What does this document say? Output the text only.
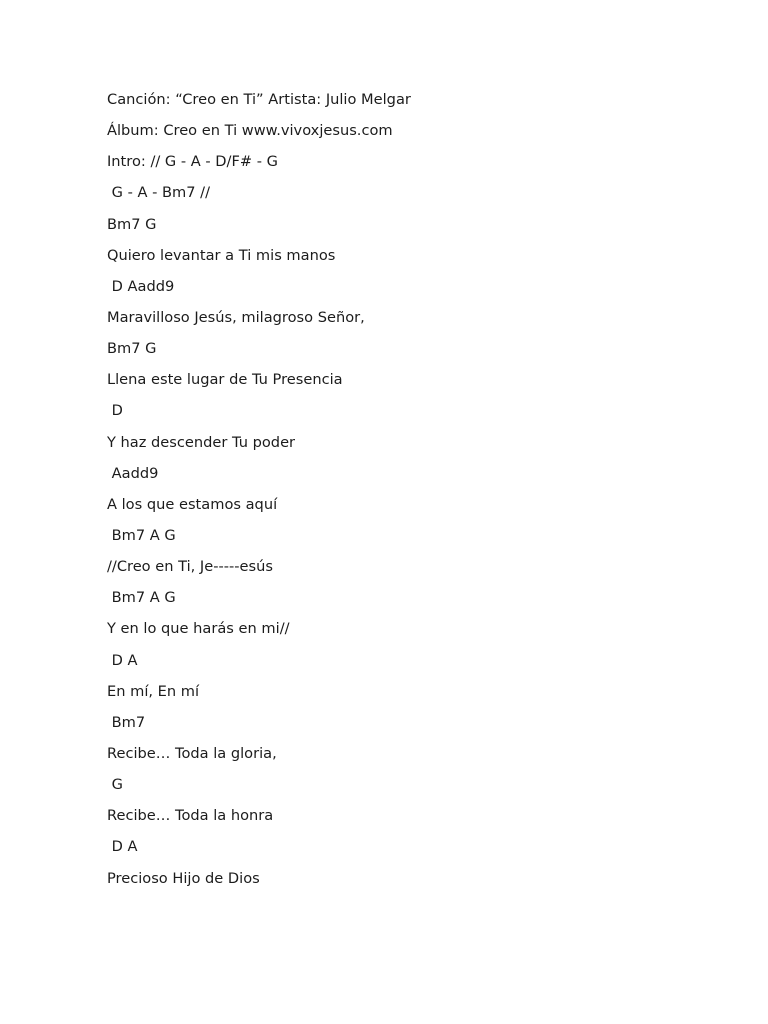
Canción: “Creo en Ti” Artista: Julio Melgar
Álbum: Creo en Ti www.vivoxjesus.com
Intro: // G - A - D/F# - G
G - A - Bm7 //
Bm7 G
Quiero levantar a Ti mis manos
D Aadd9
Maravilloso Jesús, milagroso Señor,
Bm7 G
Llena este lugar de Tu Presencia
D
Y haz descender Tu poder
Aadd9
A los que estamos aquí
Bm7 A G
//Creo en Ti, Je-----esús
Bm7 A G
Y en lo que harás en mi//
D A
En mí, En mí
Bm7
Recibe… Toda la gloria,
G
Recibe… Toda la honra
D A
Precioso Hijo de Dios
